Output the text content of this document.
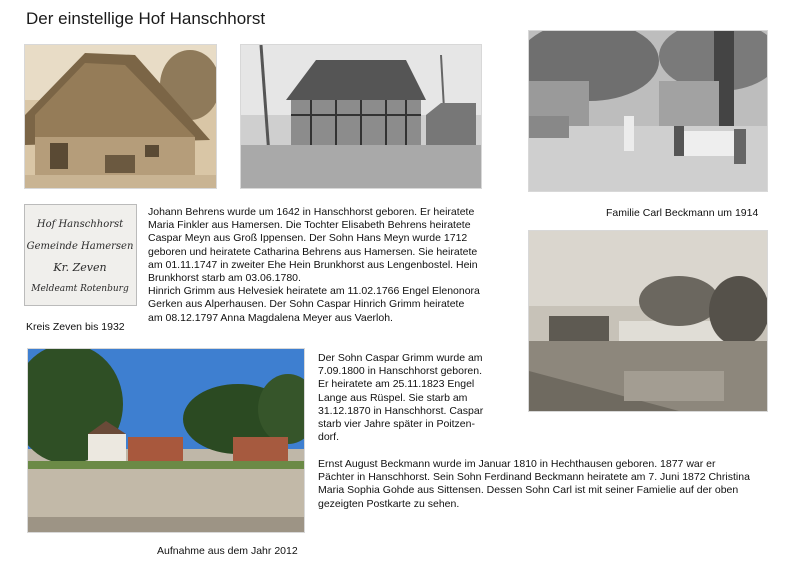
Der einstellige Hof Hanschhorst
Hof Hanschhorst
Gemeinde Hamersen
Kr. Zeven
Meldeamt Rotenburg
Kreis Zeven bis 1932

Johann Behrens wurde um 1642 in Hanschhorst geboren. Er heiratete
Maria Finkler aus Hamersen. Die Tochter Elisabeth Behrens heiratete
Caspar Meyn aus Groß Ippensen. Der Sohn Hans Meyn wurde 1712
geboren und heiratete Catharina Behrens aus Hamersen. Sie heiratete
am 01.11.1747 in zweiter Ehe Hein Brunkhorst aus Lengenbostel. Hein
Brunkhorst starb am 03.06.1780.

Hinrich Grimm aus Helvesiek heiratete am 11.02.1766 Engel Elenonora
Gerken aus Alperhausen. Der Sohn Caspar Hinrich Grimm heiratete
am 08.12.1797 Anna Magdalena Meyer aus Vaerloh.

Familie Carl Beckmann um 1914
Aufnahme aus dem Jahr 2012

Der Sohn Caspar Grimm wurde am
7.09.1800 in Hanschhorst geboren.
Er heiratete am 25.11.1823 Engel
Lange aus Rüspel. Sie starb am
31.12.1870 in Hanschhorst. Caspar
starb vier Jahre später in Poitzen-
dorf.

Ernst August Beckmann wurde im Januar 1810 in Hechthausen geboren. 1877 war er
Pächter in Hanschhorst. Sein Sohn Ferdinand Beckmann heiratete am 7. Juni 1872 Christina
Maria Sophia Gohde aus Sittensen. Dessen Sohn Carl ist mit seiner Famielie auf der oben
gezeigten Postkarte zu sehen.
